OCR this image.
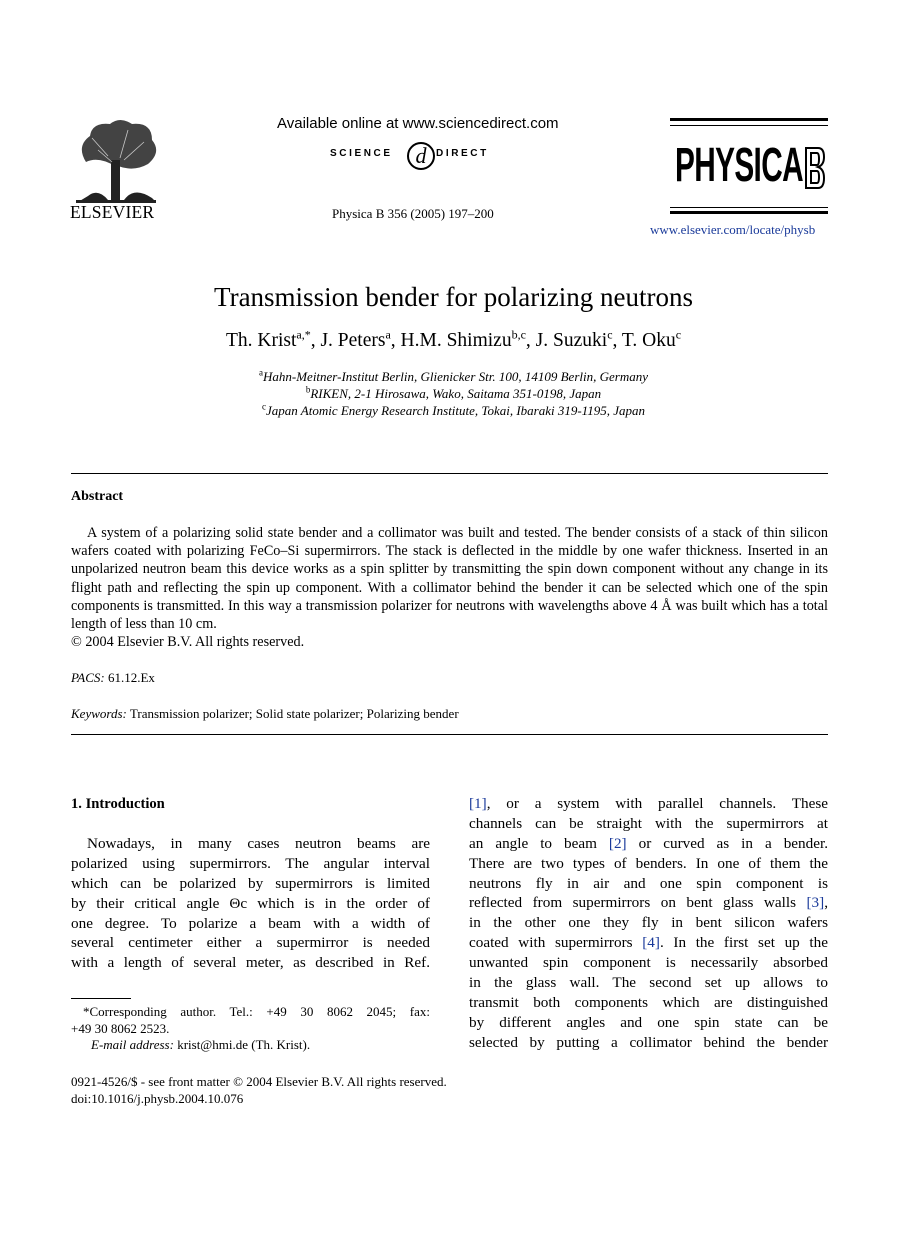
ELSEVIER
Available online at www.sciencedirect.com
SCIENCE d DIRECT
Physica B 356 (2005) 197–200
PHYSICA
www.elsevier.com/locate/physb
Transmission bender for polarizing neutrons
Th. Krist$^{a,*}$, J. Peters$^a$, H.M. Shimizu$^{b,c}$, J. Suzuki$^c$, T. Oku$^c$
$^a$Hahn-Meitner-Institut Berlin, Glienicker Str. 100, 14109 Berlin, Germany
$^b$RIKEN, 2-1 Hirosawa, Wako, Saitama 351-0198, Japan
$^c$Japan Atomic Energy Research Institute, Tokai, Ibaraki 319-1195, Japan
Abstract

A system of a polarizing solid state bender and a collimator was built and tested. The bender consists of a stack of thin silicon wafers coated with polarizing FeCo–Si supermirrors. The stack is deflected in the middle by one wafer thickness. Inserted in an unpolarized neutron beam this device works as a spin splitter by transmitting the spin down component without any change in its flight path and reflecting the spin up component. With a collimator behind the bender it can be selected which one of the spin components is transmitted. In this way a transmission polarizer for neutrons with wavelengths above 4 Å was built which has a total length of less than 10 cm.

© 2004 Elsevier B.V. All rights reserved.
PACS: 61.12.Ex
Keywords: Transmission polarizer; Solid state polarizer; Polarizing bender
1. Introduction
Nowadays, in many cases neutron beams are
polarized using supermirrors. The angular interval
which can be polarized by supermirrors is limited
by their critical angle Θc which is in the order of
one degree. To polarize a beam with a width of
several centimeter either a supermirror is needed
with a length of several meter, as described in Ref.
*Corresponding author. Tel.: +49 30 8062 2045; fax:
+49 30 8062 2523.
E-mail address: krist@hmi.de (Th. Krist).
[1], or a system with parallel channels. These
channels can be straight with the supermirrors at
an angle to beam [2] or curved as in a bender.
There are two types of benders. In one of them the
neutrons fly in air and one spin component is
reflected from supermirrors on bent glass walls [3],
in the other one they fly in bent silicon wafers
coated with supermirrors [4]. In the first set up the
unwanted spin component is necessarily absorbed
in the glass wall. The second set up allows to
transmit both components which are distinguished
by different angles and one spin state can be
selected by putting a collimator behind the bender
0921-4526/$ - see front matter © 2004 Elsevier B.V. All rights reserved.
doi:10.1016/j.physb.2004.10.076
